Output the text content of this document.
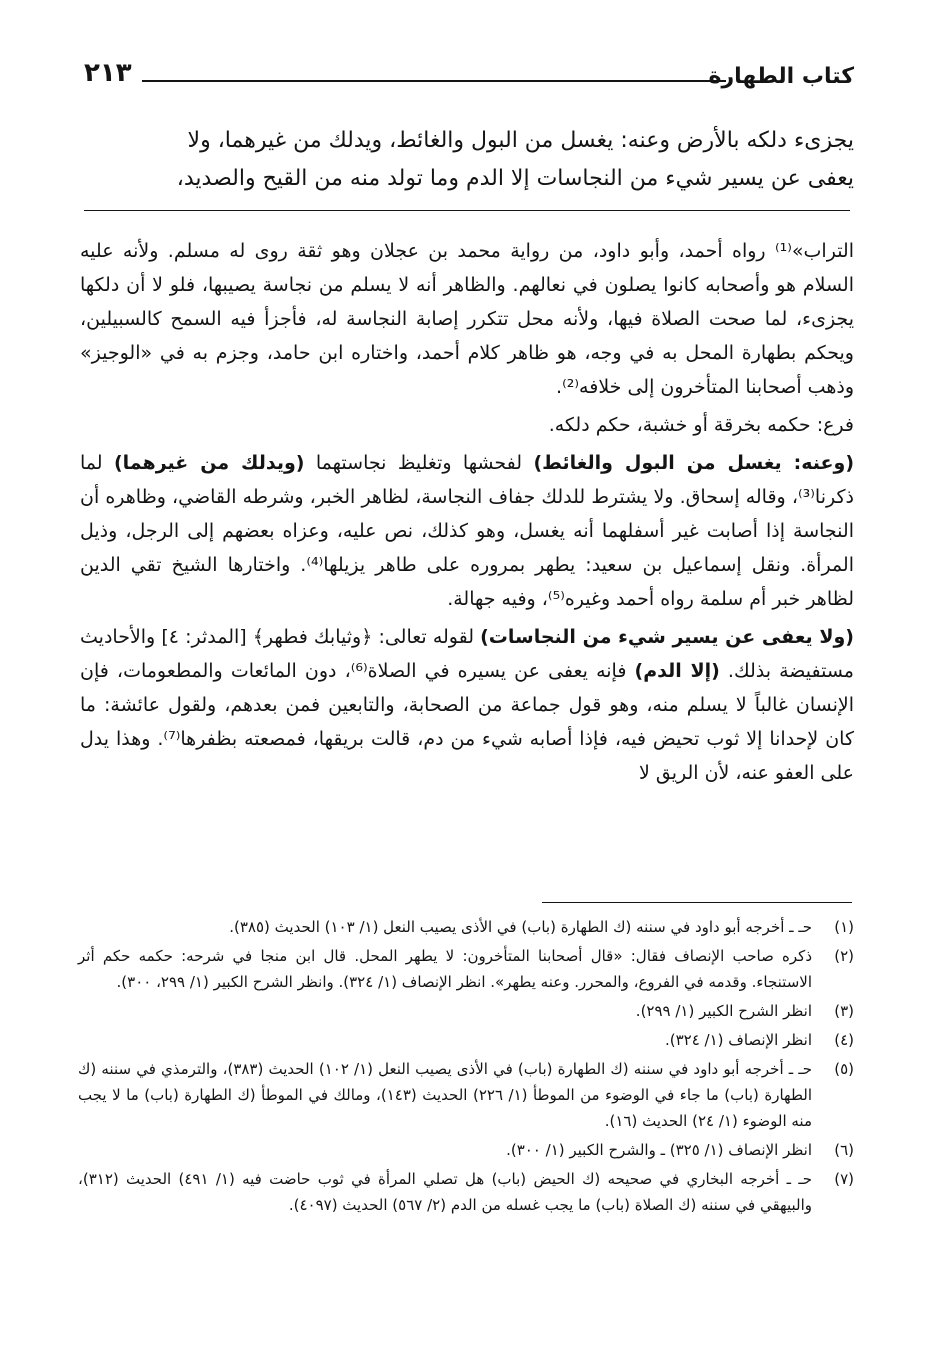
كتاب الطهارة
٢١٣

يجزىء دلكه بالأرض وعنه: يغسل من البول والغائط، ويدلك من غيرهما، ولا

يعفى عن يسير شيء من النجاسات إلا الدم وما تولد منه من القيح والصديد،

التراب»⁽¹⁾ رواه أحمد، وأبو داود، من رواية محمد بن عجلان وهو ثقة روى له مسلم. ولأنه عليه السلام هو وأصحابه كانوا يصلون في نعالهم. والظاهر أنه لا يسلم من نجاسة يصيبها، فلو لا أن دلكها يجزىء، لما صحت الصلاة فيها، ولأنه محل تتكرر إصابة النجاسة له، فأجزأ فيه السمح كالسبيلين، ويحكم بطهارة المحل به في وجه، هو ظاهر كلام أحمد، واختاره ابن حامد، وجزم به في «الوجيز» وذهب أصحابنا المتأخرون إلى خلافه⁽²⁾.

فرع: حكمه بخرقة أو خشبة، حكم دلكه.

(وعنه: يغسل من البول والغائط) لفحشها وتغليظ نجاستهما (ويدلك من غيرهما) لما ذكرنا⁽³⁾، وقاله إسحاق. ولا يشترط للدلك جفاف النجاسة، لظاهر الخبر، وشرطه القاضي، وظاهره أن النجاسة إذا أصابت غير أسفلهما أنه يغسل، وهو كذلك، نص عليه، وعزاه بعضهم إلى الرجل، وذيل المرأة. ونقل إسماعيل بن سعيد: يطهر بمروره على طاهر يزيلها⁽⁴⁾. واختارها الشيخ تقي الدين لظاهر خبر أم سلمة رواه أحمد وغيره⁽⁵⁾، وفيه جهالة.

(ولا يعفى عن يسير شيء من النجاسات) لقوله تعالى: ﴿وثيابك فطهر﴾ [المدثر: ٤] والأحاديث مستفيضة بذلك. (إلا الدم) فإنه يعفى عن يسيره في الصلاة⁽⁶⁾، دون المائعات والمطعومات، فإن الإنسان غالباً لا يسلم منه، وهو قول جماعة من الصحابة، والتابعين فمن بعدهم، ولقول عائشة: ما كان لإحدانا إلا ثوب تحيض فيه، فإذا أصابه شيء من دم، قالت بريقها، فمصعته بظفرها⁽⁷⁾. وهذا يدل على العفو عنه، لأن الريق لا

(١)
حـ ـ أخرجه أبو داود في سننه (ك الطهارة (باب) في الأذى يصيب النعل (١/ ١٠٣) الحديث (٣٨٥).
(٢)
ذكره صاحب الإنصاف فقال: «قال أصحابنا المتأخرون: لا يطهر المحل. قال ابن منجا في شرحه: حكمه حكم أثر الاستنجاء. وقدمه في الفروع، والمحرر. وعنه يطهر». انظر الإنصاف (١/ ٣٢٤). وانظر الشرح الكبير (١/ ٢٩٩، ٣٠٠).
(٣)
انظر الشرح الكبير (١/ ٢٩٩).
(٤)
انظر الإنصاف (١/ ٣٢٤).
(٥)
حـ ـ أخرجه أبو داود في سننه (ك الطهارة (باب) في الأذى يصيب النعل (١/ ١٠٢) الحديث (٣٨٣)، والترمذي في سننه (ك الطهارة (باب) ما جاء في الوضوء من الموطأ (١/ ٢٢٦) الحديث (١٤٣)، ومالك في الموطأ (ك الطهارة (باب) ما لا يجب منه الوضوء (١/ ٢٤) الحديث (١٦).
(٦)
انظر الإنصاف (١/ ٣٢٥) ـ والشرح الكبير (١/ ٣٠٠).
(٧)
حـ ـ أخرجه البخاري في صحيحه (ك الحيض (باب) هل تصلي المرأة في ثوب حاضت فيه (١/ ٤٩١) الحديث (٣١٢)، والبيهقي في سننه (ك الصلاة (باب) ما يجب غسله من الدم (٢/ ٥٦٧) الحديث (٤٠٩٧).
